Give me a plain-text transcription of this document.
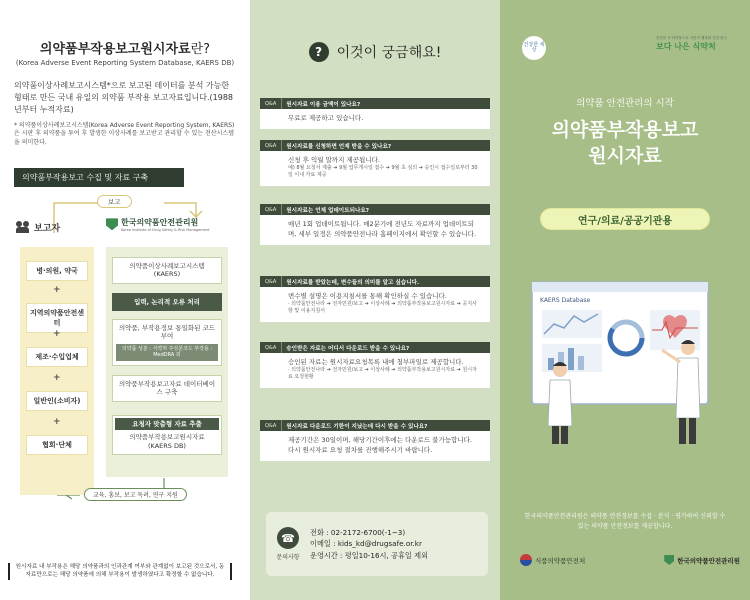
의약품부작용보고원시자료란?
(Korea Adverse Event Reporting System Database, KAERS DB)

의약품이상사례보고시스템*으로 보고된 데이터를 분석 가능한 형태로 만든 국내 유일의 의약품 부작용 보고자료입니다.(1988년부터 누적자료)

* 의약품이상사례보고시스템(Korea Adverse Event Reporting System, KAERS)은 시판 후 의약품을 투여 후 발생한 이상사례를 보고받고 관리할 수 있는 전산시스템을 의미한다.

의약품부작용보고 수집 및 자료 구축
보고
보고자
한국의약품안전관리원
Korea Institute of Drug Safety & Risk Management
병·의원, 약국
+
지역의약품안전센터
+
제조·수입업체
+
일반인(소비자)
+
협회·단체
의약품이상사례보고시스템
(KAERS)
입력, 논리적 오류 처리
의약품, 부작용정보 통일화된 코드 부여
의약품 성분 : 식약처 주성분코드 부작용 : MedDRA 외
의약품부작용보고자료 데이터베이스 구축
요청자 맞춤형 자료 추출
의약품부작용보고원시자료
(KAERS DB)
교육, 홍보, 보고 독려, 연구 지원
원시자료 내 부작용은 해당 의약품과의 인과관계 여부와 관계없이 보고된 것으로서, 동 자료만으로는 해당 의약품에 의해 부작용이 발생하였다고 확정할 수 없습니다.
?	이것이 궁금해요!
Q&A	원시자료 이용 금액이 있나요?
무료로 제공하고 있습니다.
Q&A	원시자료를 신청하면 언제 받을 수 있나요?
신청 후 익월 말까지 제공됩니다.
예) 8월 요청서 제출 ➔ 9월 업무개시일 접수 ➔ 9월 초 심의 ➔ 승인시 접수일로부터 30일 이내 자료 제공
Q&A	원시자료는 언제 업데이트되나요?
매년 1회 업데이트됩니다. 매2분기에 전년도 자료까지 업데이트되며, 세부 일정은 의약품안전나라 홈페이지에서 확인할 수 있습니다.
Q&A	원시자료를 받았는데, 변수들의 의미를 알고 싶습니다.
변수별 설명은 이용지침서를 통해 확인하실 수 있습니다.
· 의약품안전나라 ➔ 전자민원/보고 ➔ 이상사례 ➔ 의약품부작용보고원시자료 ➔ 공지사항 및 이용지침서
Q&A	승인받은 자료는 어디서 다운로드 받을 수 있나요?
승인된 자료는 원시자료요청목록 내에 첨부파일로 제공합니다.
· 의약품안전나라 ➔ 전자민원/보고 ➔ 이상사례 ➔ 의약품부작용보고원시자료 ➔ 원시자료 요청현황
Q&A	원시자료 다운로드 기한이 지났는데 다시 받을 수 있나요?
제공기간은 30일이며, 해당기간이후에는 다운로드 불가능합니다. 다시 원시자료 요청 절차를 진행해주시기 바랍니다.
☎
문의사항
전화 : 02-2172-6700(-1~3)
이메일 : kids_kd@drugsafe.or.kr
운영시간 : 평일10-16시, 공휴일 제외
건강한 세상
안전한 식·의약품으로 국민이 행복한 건강 한국
보다 나은 식약처
의약품 안전관리의 시작
의약품부작용보고 원시자료
연구/의료/공공기관용
KAERS Database
한국의약품안전관리원은 의약품 안전정보를 수집 · 분석 · 평가하여 신뢰할 수 있는 의약품 안전정보를 제공합니다.
식품의약품안전처	한국의약품안전관리원
